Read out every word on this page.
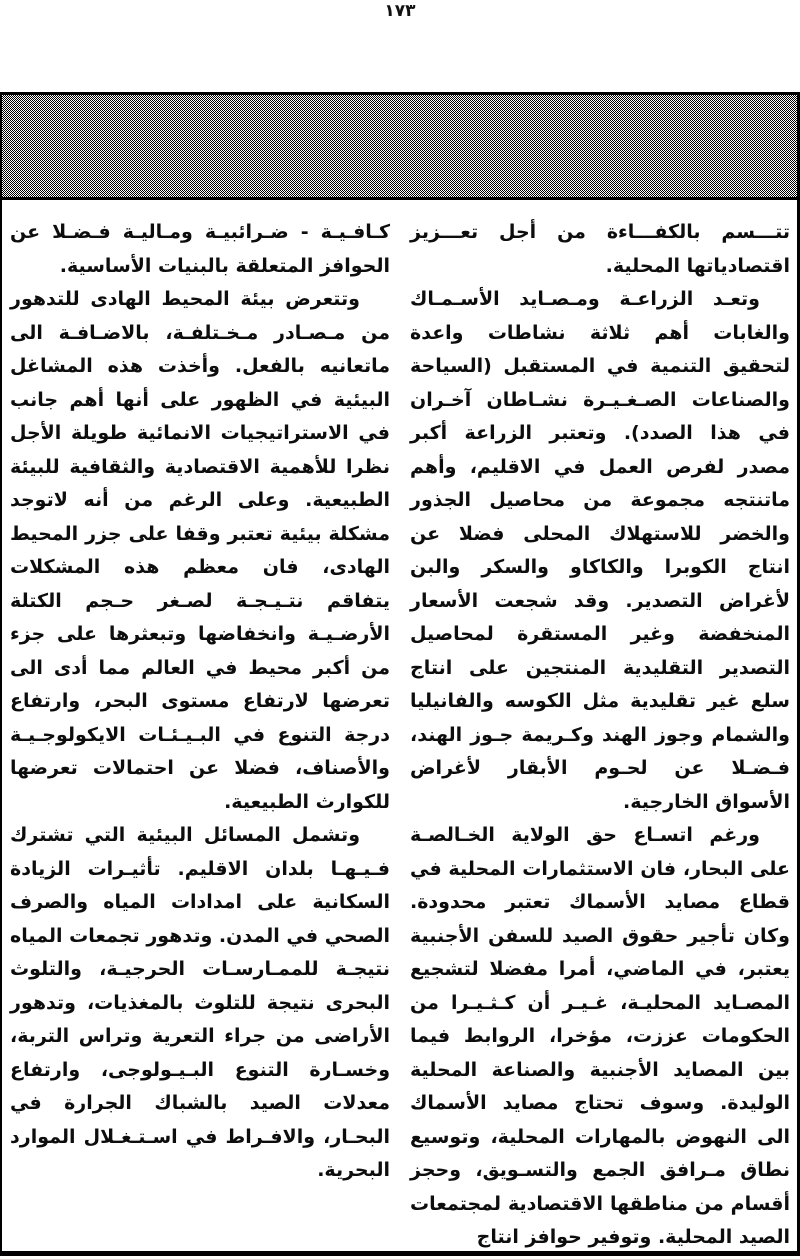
١٧٣

تتـــسم بالكفـــاءة من أجل تعـــزيز اقتصادياتها المحلية.

وتعـد الزراعـة ومـصـايد الأسـمـاك والغابات أهم ثلاثة نشاطات واعدة لتحقيق التنمية في المستقبل (السياحة والصناعات الصـغـيـرة نشـاطان آخـران في هذا الصدد). وتعتبر الزراعة أكبر مصدر لفرص العمل في الاقليم، وأهم ماتنتجه مجموعة من محاصيل الجذور والخضر للاستهلاك المحلى فضلا عن انتاج الكوبرا والكاكاو والسكر والبن لأغراض التصدير. وقد شجعت الأسعار المنخفضة وغير المستقرة لمحاصيل التصدير التقليدية المنتجين على انتاج سلع غير تقليدية مثل الكوسه والفانيليا والشمام وجوز الهند وكـريمة جـوز الهند، فـضـلا عن لحـوم الأبقار لأغراض الأسواق الخارجية.

ورغم اتسـاع حق الولاية الخـالصـة على البحار، فان الاستثمارات المحلية في قطاع مصايد الأسماك تعتبر محدودة. وكان تأجير حقوق الصيد للسفن الأجنبية يعتبر، في الماضي، أمرا مفضلا لتشجيع المصـايد المحليـة، غـيـر أن كـثـيـرا من الحكومات عززت، مؤخرا، الروابط فيما بين المصايد الأجنبية والصناعة المحلية الوليدة. وسوف تحتاج مصايد الأسماك الى النهوض بالمهارات المحلية، وتوسيع نطاق مـرافق الجمع والتسـويق، وحجز أقسام من مناطقها الاقتصادية لمجتمعات الصيد المحلية. وتوفير حوافز انتاج

كـافـيـة - ضـرائبيـة ومـاليـة فـضـلا عن الحوافز المتعلقة بالبنيات الأساسية.

وتتعرض بيئة المحيط الهادى للتدهور من مـصـادر مـخـتلفـة، بالاضـافـة الى ماتعانيه بالفعل. وأخذت هذه المشاغل البيئية في الظهور على أنها أهم جانب في الاستراتيجيات الانمائية طويلة الأجل نظرا للأهمية الاقتصادية والثقافية للبيئة الطبيعية. وعلى الرغم من أنه لاتوجد مشكلة بيئية تعتبر وقفا على جزر المحيط الهادى، فان معظم هذه المشكلات يتفاقم نتـيـجـة لصـغر حـجم الكتلة الأرضـيـة وانخفاضها وتبعثرها على جزء من أكبر محيط في العالم مما أدى الى تعرضها لارتفاع مستوى البحر، وارتفاع درجة التنوع في البـيـئـات الايكولوجـيـة والأصناف، فضلا عن احتمالات تعرضها للكوارث الطبيعية.

وتشمل المسائل البيئية التي تشترك فـيـهـا بلدان الاقليم. تأثيـرات الزيادة السكانية على امدادات المياه والصرف الصحي في المدن. وتدهور تجمعات المياه نتيجـة للممـارسـات الحرجيـة، والتلوث البحرى نتيجة للتلوث بالمغذيات، وتدهور الأراضى من جراء التعرية وتراس التربة، وخسـارة التنوع البـيـولوجى، وارتفاع معدلات الصيد بالشباك الجرارة في البحـار، والافـراط في اسـتـغـلال الموارد البحرية.
